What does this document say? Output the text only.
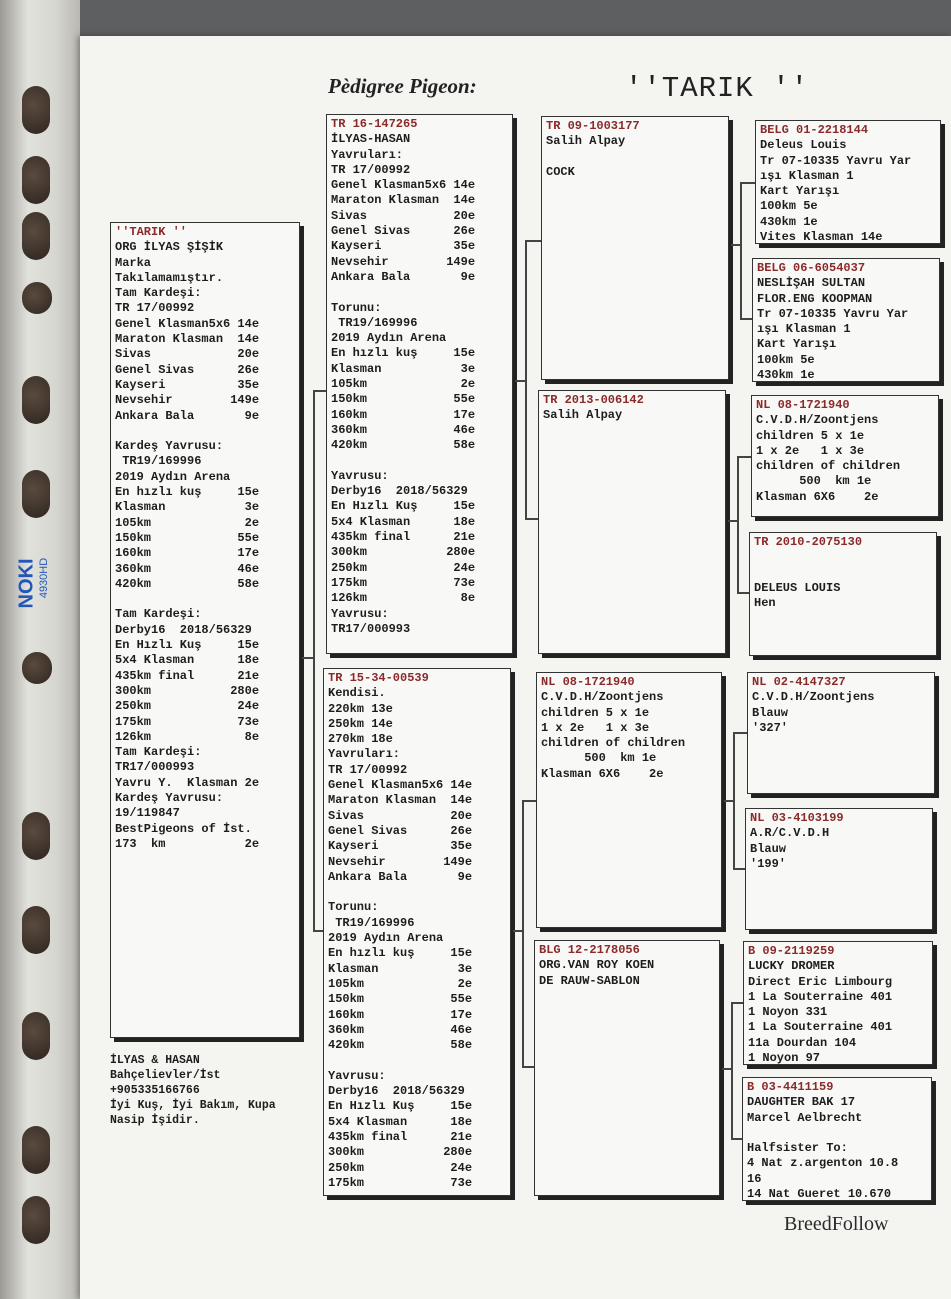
NOKI 4930HD
Pèdigree Pigeon:	''TARIK ''
''TARIK ''
ORG İLYAS ŞİŞİK
Marka
Takılamamıştır.
Tam Kardeşi:
TR 17/00992
Genel Klasman5x6 14e
Maraton Klasman  14e
Sivas            20e
Genel Sivas      26e
Kayseri          35e
Nevsehir        149e
Ankara Bala       9e

Kardeş Yavrusu:
TR19/169996
2019 Aydın Arena
En hızlı kuş     15e
Klasman           3e
105km             2e
150km            55e
160km            17e
360km            46e
420km            58e

Tam Kardeşi:
Derby16  2018/56329
En Hızlı Kuş     15e
5x4 Klasman      18e
435km final      21e
300km           280e
250km            24e
175km            73e
126km             8e
Tam Kardeşi:
TR17/000993
Yavru Y.  Klasman 2e
Kardeş Yavrusu:
19/119847
BestPigeons of İst.
173  km           2e
TR 16-147265
İLYAS-HASAN
Yavruları:
TR 17/00992
Genel Klasman5x6 14e
Maraton Klasman  14e
Sivas            20e
Genel Sivas      26e
Kayseri          35e
Nevsehir        149e
Ankara Bala       9e

Torunu:
TR19/169996
2019 Aydın Arena
En hızlı kuş     15e
Klasman           3e
105km             2e
150km            55e
160km            17e
360km            46e
420km            58e

Yavrusu:
Derby16  2018/56329
En Hızlı Kuş     15e
5x4 Klasman      18e
435km final      21e
300km           280e
250km            24e
175km            73e
126km             8e
Yavrusu:
TR17/000993
TR 15-34-00539
Kendisi.
220km 13e
250km 14e
270km 18e
Yavruları:
TR 17/00992
Genel Klasman5x6 14e
Maraton Klasman  14e
Sivas            20e
Genel Sivas      26e
Kayseri          35e
Nevsehir        149e
Ankara Bala       9e

Torunu:
TR19/169996
2019 Aydın Arena
En hızlı kuş     15e
Klasman           3e
105km             2e
150km            55e
160km            17e
360km            46e
420km            58e

Yavrusu:
Derby16  2018/56329
En Hızlı Kuş     15e
5x4 Klasman      18e
435km final      21e
300km           280e
250km            24e
175km            73e
TR 09-1003177
Salih Alpay

COCK
TR 2013-006142
Salih Alpay
NL 08-1721940
C.V.D.H/Zoontjens
children 5 x 1e
1 x 2e   1 x 3e
children of children
500  km 1e
Klasman 6X6    2e
BLG 12-2178056
ORG.VAN ROY KOEN
DE RAUW-SABLON
BELG 01-2218144
Deleus Louis
Tr 07-10335 Yavru Yar
ışı Klasman 1
Kart Yarışı
100km 5e
430km 1e
Vites Klasman 14e
BELG 06-6054037
NESLİŞAH SULTAN
FLOR.ENG KOOPMAN
Tr 07-10335 Yavru Yar
ışı Klasman 1
Kart Yarışı
100km 5e
430km 1e
NL 08-1721940
C.V.D.H/Zoontjens
children 5 x 1e
1 x 2e   1 x 3e
children of children
500  km 1e
Klasman 6X6    2e
TR 2010-2075130

DELEUS LOUIS
Hen
NL 02-4147327
C.V.D.H/Zoontjens
Blauw
'327'
NL 03-4103199
A.R/C.V.D.H
Blauw
'199'
B 09-2119259
LUCKY DROMER
Direct Eric Limbourg
1 La Souterraine 401
1 Noyon 331
1 La Souterraine 401
11a Dourdan 104
1 Noyon 97
B 03-4411159
DAUGHTER BAK 17
Marcel Aelbrecht

Halfsister To:
4 Nat z.argenton 10.8
16
14 Nat Gueret 10.670
İLYAS & HASAN
Bahçelievler/İst
+905335166766
İyi Kuş, İyi Bakım, Kupa
Nasip İşidir.
BreedFollow
